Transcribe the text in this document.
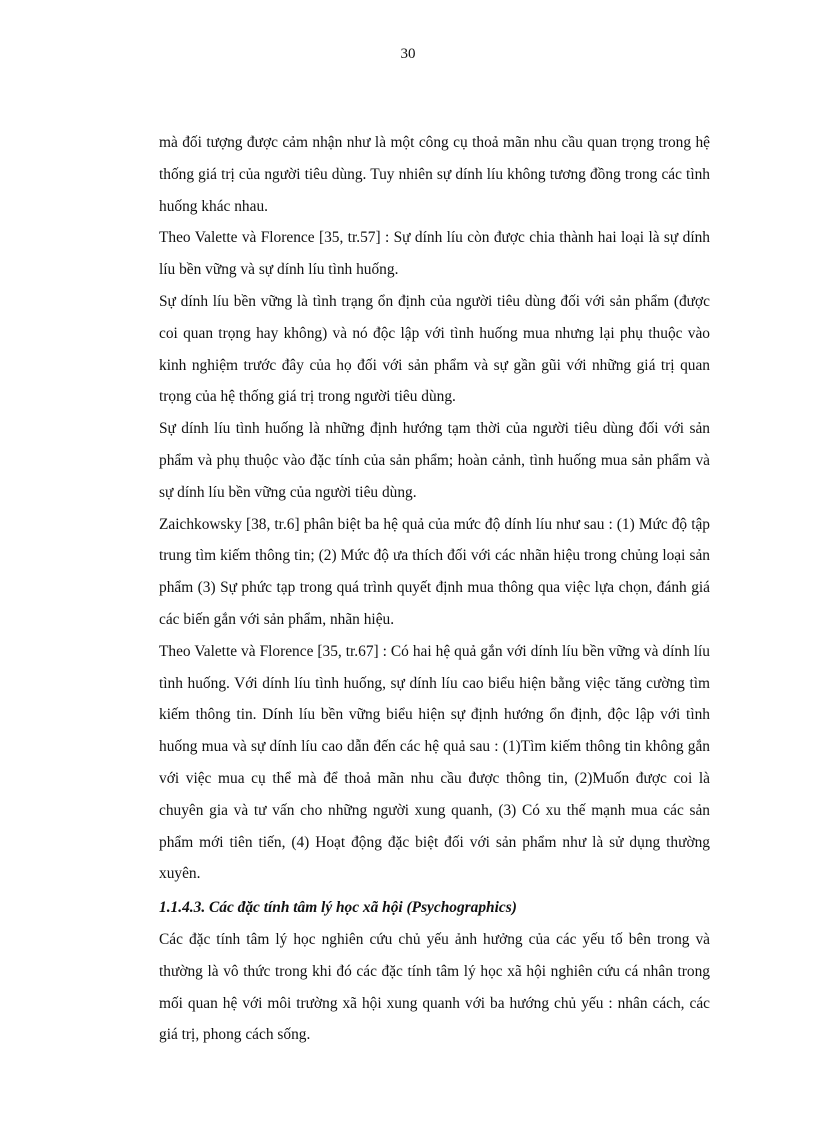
30

mà đối tượng được cảm nhận như là một công cụ thoả mãn nhu cầu quan trọng trong hệ thống giá trị của người tiêu dùng. Tuy nhiên sự dính líu không tương đồng trong các tình huống khác nhau.

Theo Valette và Florence [35, tr.57] : Sự dính líu còn được chia thành hai loại là sự dính líu bền vững và sự dính líu tình huống.

Sự dính líu bền vững là tình trạng ổn định của người tiêu dùng đối với sản phẩm (được coi quan trọng hay không) và nó độc lập với tình huống mua nhưng lại phụ thuộc vào kinh nghiệm trước đây của họ đối với sản phẩm và sự gần gũi với những giá trị quan trọng của hệ thống giá trị trong người tiêu dùng.

Sự dính líu tình huống là những định hướng tạm thời của người tiêu dùng đối với sản phẩm và phụ thuộc vào đặc tính của sản phẩm; hoàn cảnh, tình huống mua sản phẩm và sự dính líu bền vững của người tiêu dùng.

Zaichkowsky [38, tr.6] phân biệt ba hệ quả của mức độ dính líu như sau : (1) Mức độ tập trung tìm kiếm thông tin; (2) Mức độ ưa thích đối với các nhãn hiệu trong chủng loại sản phẩm (3) Sự phức tạp trong quá trình quyết định mua thông qua việc lựa chọn, đánh giá các biến gắn với sản phẩm, nhãn hiệu.

Theo Valette và Florence [35, tr.67] : Có hai hệ quả gắn với dính líu bền vững và dính líu tình huống. Với dính líu tình huống, sự dính líu cao biểu hiện bằng việc tăng cường tìm kiếm thông tin. Dính líu bền vững biểu hiện sự định hướng ổn định, độc lập với tình huống mua và sự dính líu cao dẫn đến các hệ quả sau : (1)Tìm kiếm thông tin không gắn với việc mua cụ thể mà để thoả mãn nhu cầu được thông tin, (2)Muốn được coi là chuyên gia và tư vấn cho những người xung quanh, (3) Có xu thế mạnh mua các sản phẩm mới tiên tiến, (4) Hoạt động đặc biệt đối với sản phẩm như là sử dụng thường xuyên.

1.1.4.3. Các đặc tính tâm lý học xã hội (Psychographics)

Các đặc tính tâm lý học nghiên cứu chủ yếu ảnh hưởng của các yếu tố bên trong và thường là vô thức trong khi đó các đặc tính tâm lý học xã hội nghiên cứu cá nhân trong mối quan hệ với môi trường xã hội xung quanh với ba hướng chủ yếu : nhân cách, các giá trị, phong cách sống.
